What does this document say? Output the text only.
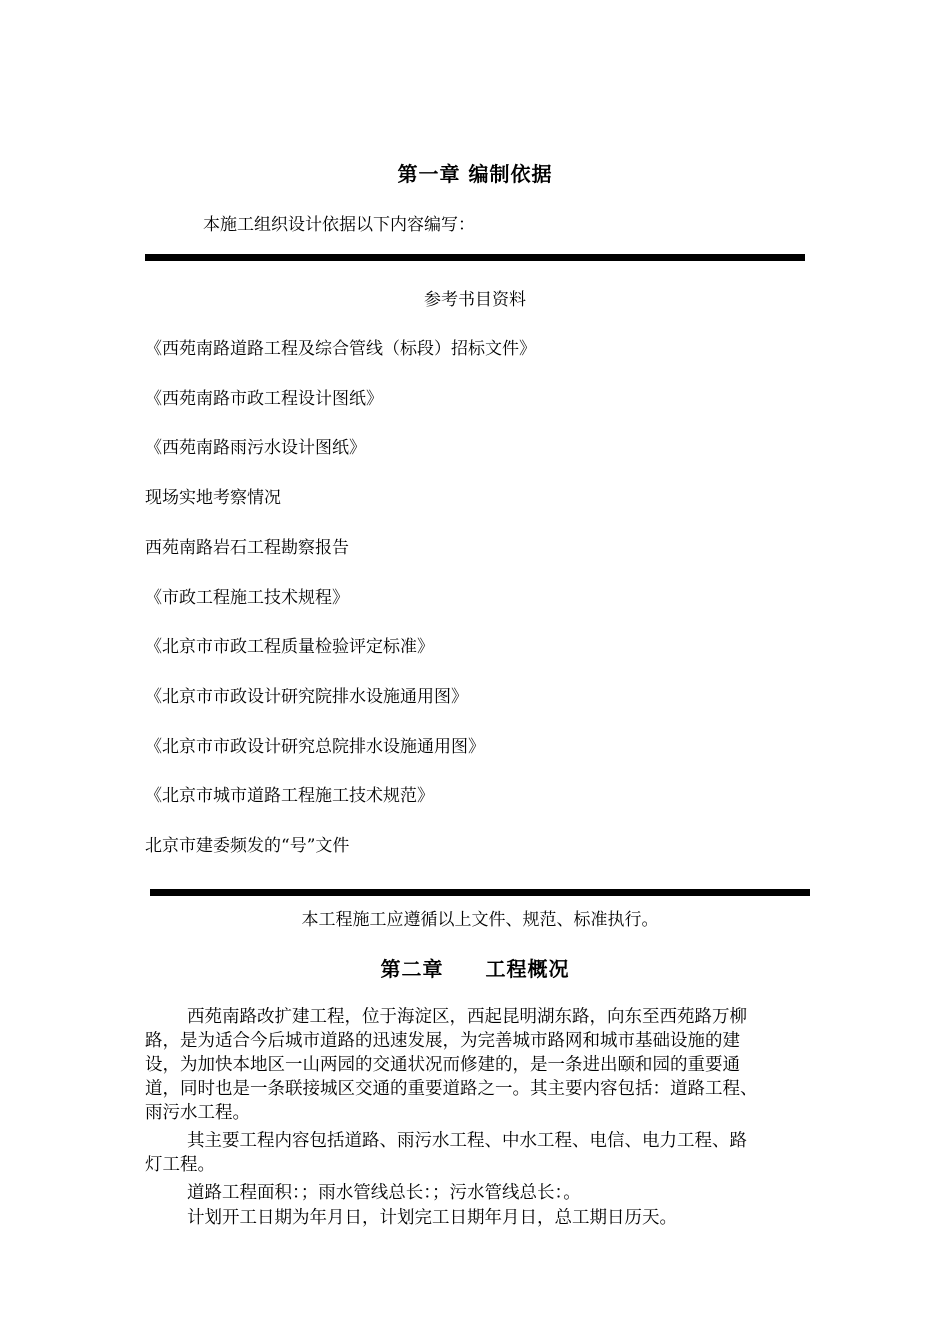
第一章 编制依据
本施工组织设计依据以下内容编写：
参考书目资料
《西苑南路道路工程及综合管线（标段）招标文件》
《西苑南路市政工程设计图纸》
《西苑南路雨污水设计图纸》
现场实地考察情况
西苑南路岩石工程勘察报告
《市政工程施工技术规程》
《北京市市政工程质量检验评定标准》
《北京市市政设计研究院排水设施通用图》
《北京市市政设计研究总院排水设施通用图》
《北京市城市道路工程施工技术规范》
北京市建委频发的“号”文件
本工程施工应遵循以上文件、规范、标准执行。
第二章　　工程概况
西苑南路改扩建工程，位于海淀区，西起昆明湖东路，向东至西苑路万柳
路，是为适合今后城市道路的迅速发展，为完善城市路网和城市基础设施的建
设，为加快本地区一山两园的交通状况而修建的，是一条进出颐和园的重要通
道，同时也是一条联接城区交通的重要道路之一。其主要内容包括：道路工程、
雨污水工程。
其主要工程内容包括道路、雨污水工程、中水工程、电信、电力工程、路
灯工程。
道路工程面积：；雨水管线总长：；污水管线总长：。
计划开工日期为年月日，计划完工日期年月日，总工期日历天。
